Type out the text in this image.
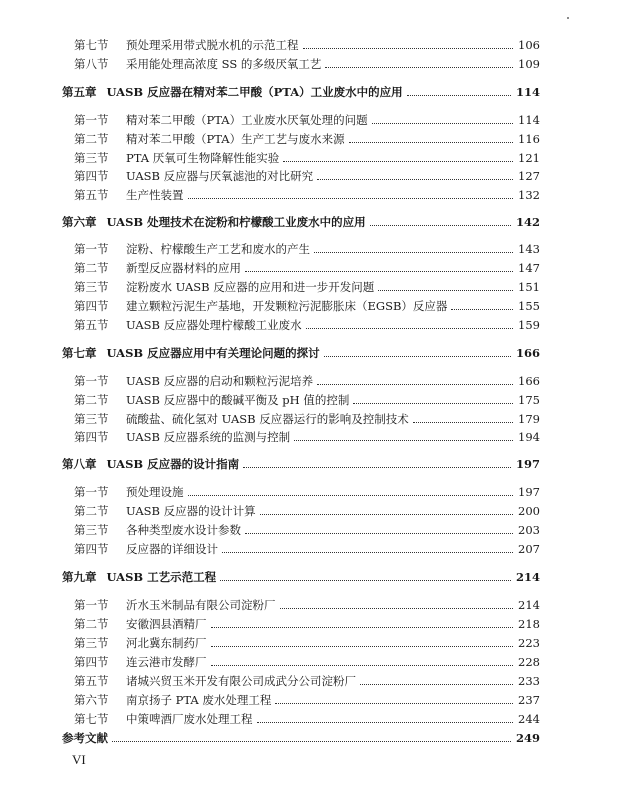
第七节 预处理采用带式脱水机的示范工程	106
第八节 采用能处理高浓度 SS 的多级厌氧工艺	109
第五章 UASB 反应器在精对苯二甲酸（PTA）工业废水中的应用	114
第一节 精对苯二甲酸（PTA）工业废水厌氧处理的问题	114
第二节 精对苯二甲酸（PTA）生产工艺与废水来源	116
第三节 PTA 厌氧可生物降解性能实验	121
第四节 UASB 反应器与厌氧滤池的对比研究	127
第五节 生产性装置	132
第六章 UASB 处理技术在淀粉和柠檬酸工业废水中的应用	142
第一节 淀粉、柠檬酸生产工艺和废水的产生	143
第二节 新型反应器材料的应用	147
第三节 淀粉废水 UASB 反应器的应用和进一步开发问题	151
第四节 建立颗粒污泥生产基地，开发颗粒污泥膨胀床（EGSB）反应器	155
第五节 UASB 反应器处理柠檬酸工业废水	159
第七章 UASB 反应器应用中有关理论问题的探讨	166
第一节 UASB 反应器的启动和颗粒污泥培养	166
第二节 UASB 反应器中的酸碱平衡及 pH 值的控制	175
第三节 硫酸盐、硫化氢对 UASB 反应器运行的影响及控制技术	179
第四节 UASB 反应器系统的监测与控制	194
第八章 UASB 反应器的设计指南	197
第一节 预处理设施	197
第二节 UASB 反应器的设计计算	200
第三节 各种类型废水设计参数	203
第四节 反应器的详细设计	207
第九章 UASB 工艺示范工程	214
第一节 沂水玉米制品有限公司淀粉厂	214
第二节 安徽泗县酒精厂	218
第三节 河北冀东制药厂	223
第四节 连云港市发酵厂	228
第五节 诸城兴贸玉米开发有限公司成武分公司淀粉厂	233
第六节 南京扬子 PTA 废水处理工程	237
第七节 中策啤酒厂废水处理工程	244
参考文献	249
VI
